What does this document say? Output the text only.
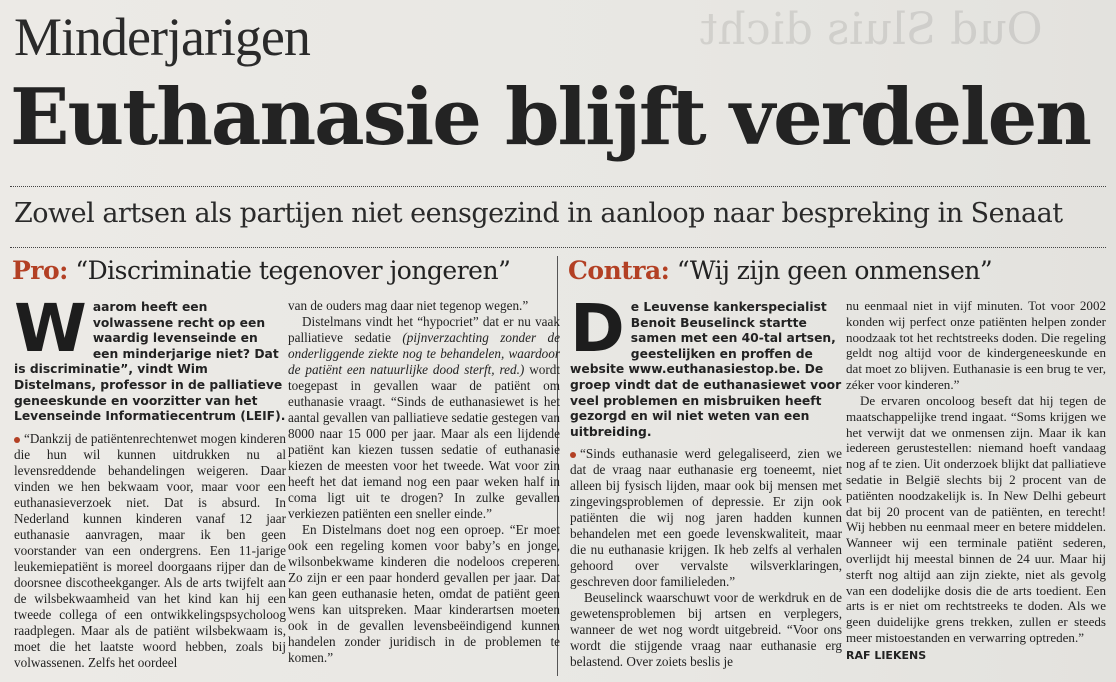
Oud Sluis dicht
Minderjarigen
Euthanasie blijft verdelen
Zowel artsen als partijen niet eensgezind in aanloop naar bespreking in Senaat
Pro: “Discriminatie tegenover jongeren” Contra: “Wij zijn geen onmensen”

Waarom heeft een volwassene recht op een waardig levenseinde en een minderjarige niet? Dat is discriminatie”, vindt Wim Distelmans, professor in de palliatieve geneeskunde en voorzitter van het Levenseinde Informatiecentrum (LEIF).

“Dankzij de patiëntenrechtenwet mogen kinderen die hun wil kunnen uitdrukken nu al levensreddende behandelingen weigeren. Daar vinden we hen bekwaam voor, maar voor een euthanasieverzoek niet. Dat is absurd. In Nederland kunnen kinderen vanaf 12 jaar euthanasie aanvragen, maar ik ben geen voorstander van een ondergrens. Een 11-jarige leukemiepatiënt is moreel doorgaans rijper dan de doorsnee discotheekganger. Als de arts twijfelt aan de wilsbekwaamheid van het kind kan hij een tweede collega of een ontwikkelingspsycholoog raadplegen. Maar als de patiënt wilsbekwaam is, moet die het laatste woord hebben, zoals bij volwassenen. Zelfs het oordeel

van de ouders mag daar niet tegenop wegen.”

Distelmans vindt het “hypocriet” dat er nu vaak palliatieve sedatie (pijnverzachting zonder de onderliggende ziekte nog te behandelen, waardoor de patiënt een natuurlijke dood sterft, red.) wordt toegepast in gevallen waar de patiënt om euthanasie vraagt. “Sinds de euthanasiewet is het aantal gevallen van palliatieve sedatie gestegen van 8000 naar 15 000 per jaar. Maar als een lijdende patiënt kan kiezen tussen sedatie of euthanasie kiezen de meesten voor het tweede. Wat voor zin heeft het dat iemand nog een paar weken half in coma ligt uit te drogen? In zulke gevallen verkiezen patiënten een sneller einde.”

En Distelmans doet nog een oproep. “Er moet ook een regeling komen voor baby’s en jonge, wilsonbekwame kinderen die nodeloos creperen. Zo zijn er een paar honderd gevallen per jaar. Dat kan geen euthanasie heten, omdat de patiënt geen wens kan uitspreken. Maar kinderartsen moeten ook in de gevallen levensbeëindigend kunnen handelen zonder juridisch in de problemen te komen.”

De Leuvense kankerspecialist Benoit Beuselinck startte samen met een 40-tal artsen, geestelijken en proffen de website www.euthanasiestop.be. De groep vindt dat de euthanasiewet voor veel problemen en misbruiken heeft gezorgd en wil niet weten van een uitbreiding.

“Sinds euthanasie werd gelegaliseerd, zien we dat de vraag naar euthanasie erg toeneemt, niet alleen bij fysisch lijden, maar ook bij mensen met zingevingsproblemen of depressie. Er zijn ook patiënten die wij nog jaren hadden kunnen behandelen met een goede levenskwaliteit, maar die nu euthanasie krijgen. Ik heb zelfs al verhalen gehoord over vervalste wilsverklaringen, geschreven door familieleden.”

Beuselinck waarschuwt voor de werkdruk en de gewetensproblemen bij artsen en verplegers, wanneer de wet nog wordt uitgebreid. “Voor ons wordt die stijgende vraag naar euthanasie erg belastend. Over zoiets beslis je

nu eenmaal niet in vijf minuten. Tot voor 2002 konden wij perfect onze patiënten helpen zonder noodzaak tot het rechtstreeks doden. Die regeling geldt nog altijd voor de kindergeneeskunde en dat moet zo blijven. Euthanasie is een brug te ver, zéker voor kinderen.”

De ervaren oncoloog beseft dat hij tegen de maatschappelijke trend ingaat. “Soms krijgen we het verwijt dat we onmensen zijn. Maar ik kan iedereen gerustestellen: niemand hoeft vandaag nog af te zien. Uit onderzoek blijkt dat palliatieve sedatie in België slechts bij 2 procent van de patiënten noodzakelijk is. In New Delhi gebeurt dat bij 20 procent van de patiënten, en terecht! Wij hebben nu eenmaal meer en betere middelen. Wanneer wij een terminale patiënt sederen, overlijdt hij meestal binnen de 24 uur. Maar hij sterft nog altijd aan zijn ziekte, niet als gevolg van een dodelijke dosis die de arts toedient. Een arts is er niet om rechtstreeks te doden. Als we geen duidelijke grens trekken, zullen er steeds meer mistoestanden en verwarring optreden.”

RAF LIEKENS
